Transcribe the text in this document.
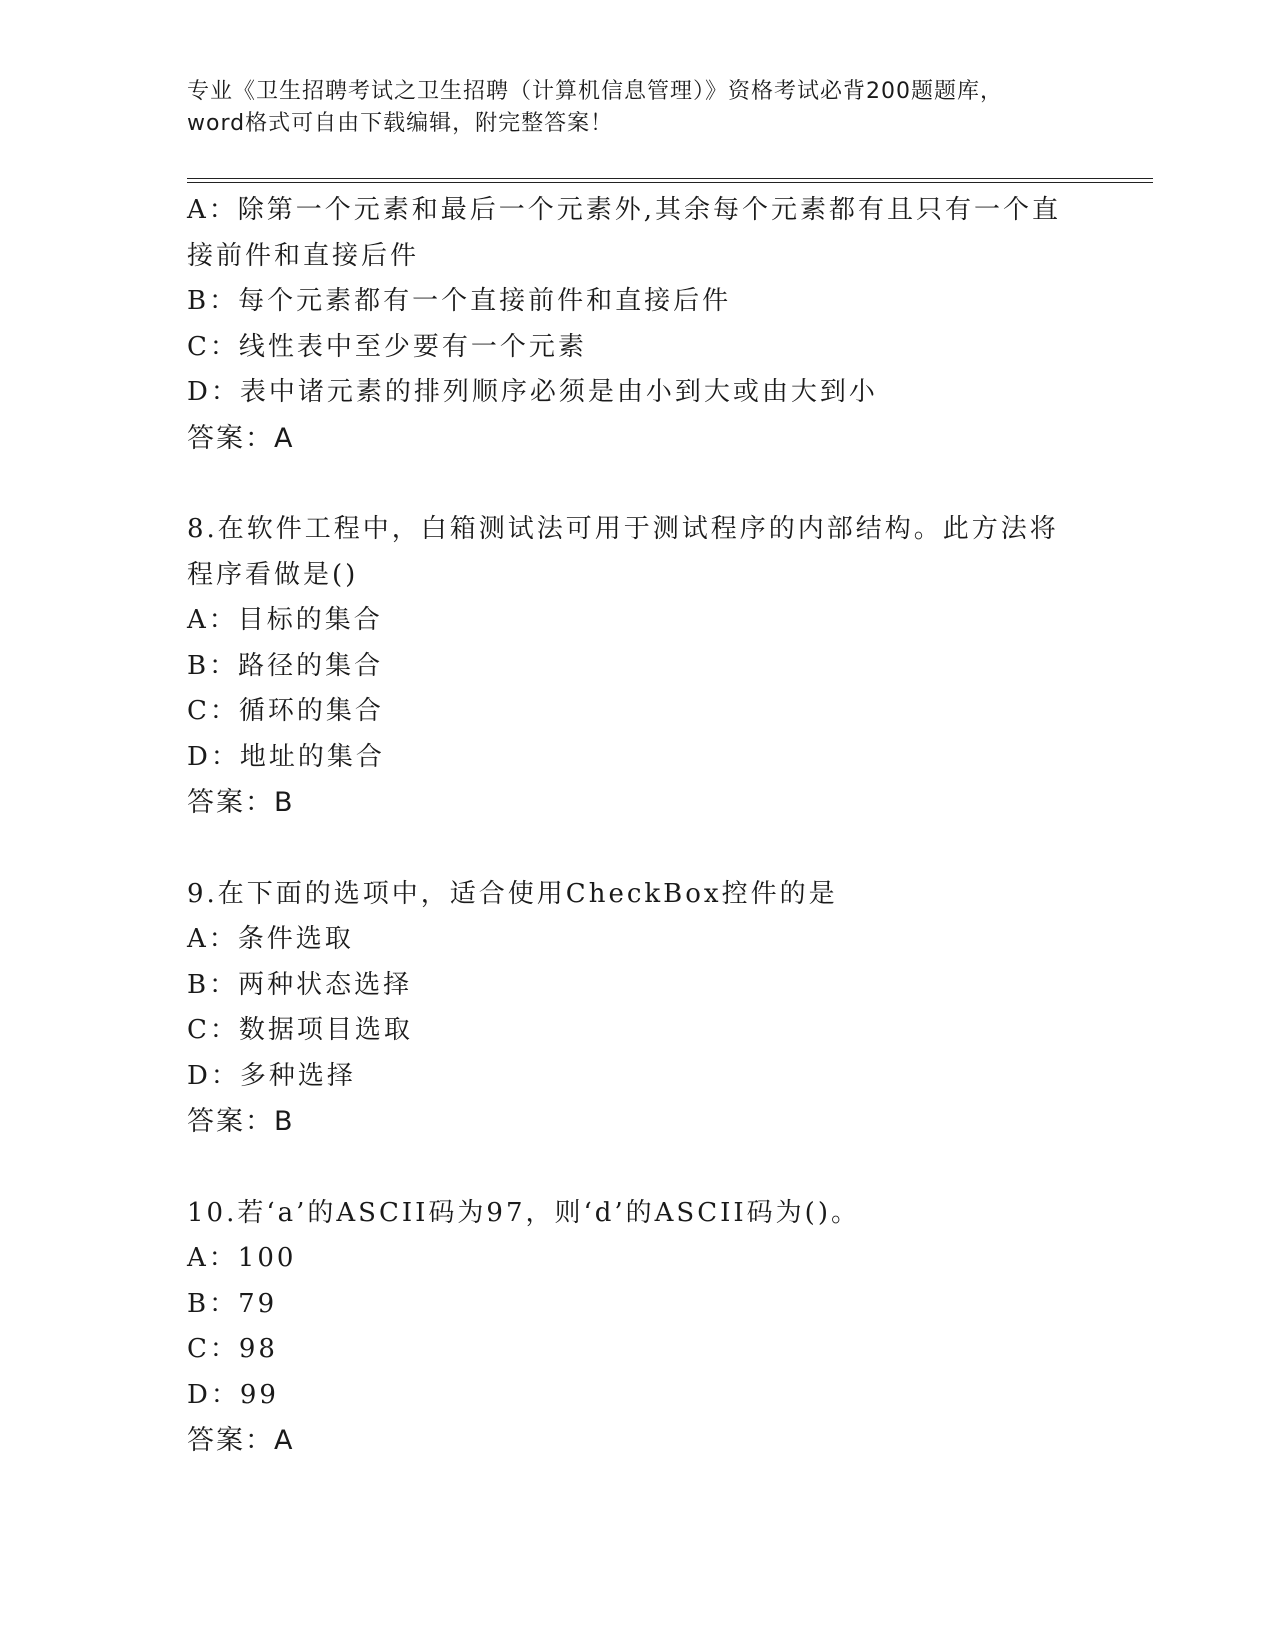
专业《卫生招聘考试之卫生招聘（计算机信息管理）》资格考试必背200题题库，
word格式可自由下载编辑，附完整答案！
A：除第一个元素和最后一个元素外,其余每个元素都有且只有一个直
接前件和直接后件
B：每个元素都有一个直接前件和直接后件
C：线性表中至少要有一个元素
D：表中诸元素的排列顺序必须是由小到大或由大到小
答案：A
8.在软件工程中，白箱测试法可用于测试程序的内部结构。此方法将
程序看做是()
A：目标的集合
B：路径的集合
C：循环的集合
D：地址的集合
答案：B
9.在下面的选项中，适合使用CheckBox控件的是
A：条件选取
B：两种状态选择
C：数据项目选取
D：多种选择
答案：B
10.若‘a’的ASCII码为97，则‘d’的ASCII码为()。
A：100
B：79
C：98
D：99
答案：A
